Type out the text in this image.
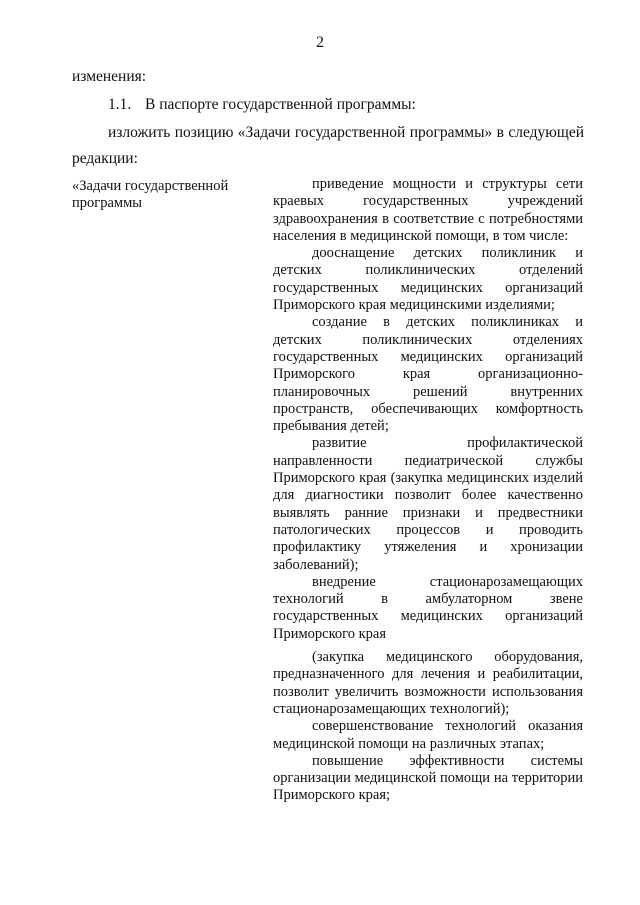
2
изменения:
1.1. В паспорте государственной программы:
изложить позицию «Задачи государственной программы» в следующей
редакции:
«Задачи государственной программы

приведение мощности и структуры сети краевых государственных учреждений здравоохранения в соответствие с потребностями населения в медицинской помощи, в том числе:

дооснащение детских поликлиник и детских поликлинических отделений государственных медицинских организаций Приморского края медицинскими изделиями;

создание в детских поликлиниках и детских поликлинических отделениях государственных медицинских организаций Приморского края организационно-планировочных решений внутренних пространств, обеспечивающих комфортность пребывания детей;

развитие профилактической направленности педиатрической службы Приморского края (закупка медицинских изделий для диагностики позволит более качественно выявлять ранние признаки и предвестники патологических процессов и проводить профилактику утяжеления и хронизации заболеваний);

внедрение стационарозамещающих технологий в амбулаторном звене государственных медицинских организаций Приморского края

(закупка медицинского оборудования, предназначенного для лечения и реабилитации, позволит увеличить возможности использования стационарозамещающих технологий);

совершенствование технологий оказания медицинской помощи на различных этапах;

повышение эффективности системы организации медицинской помощи на территории Приморского края;
